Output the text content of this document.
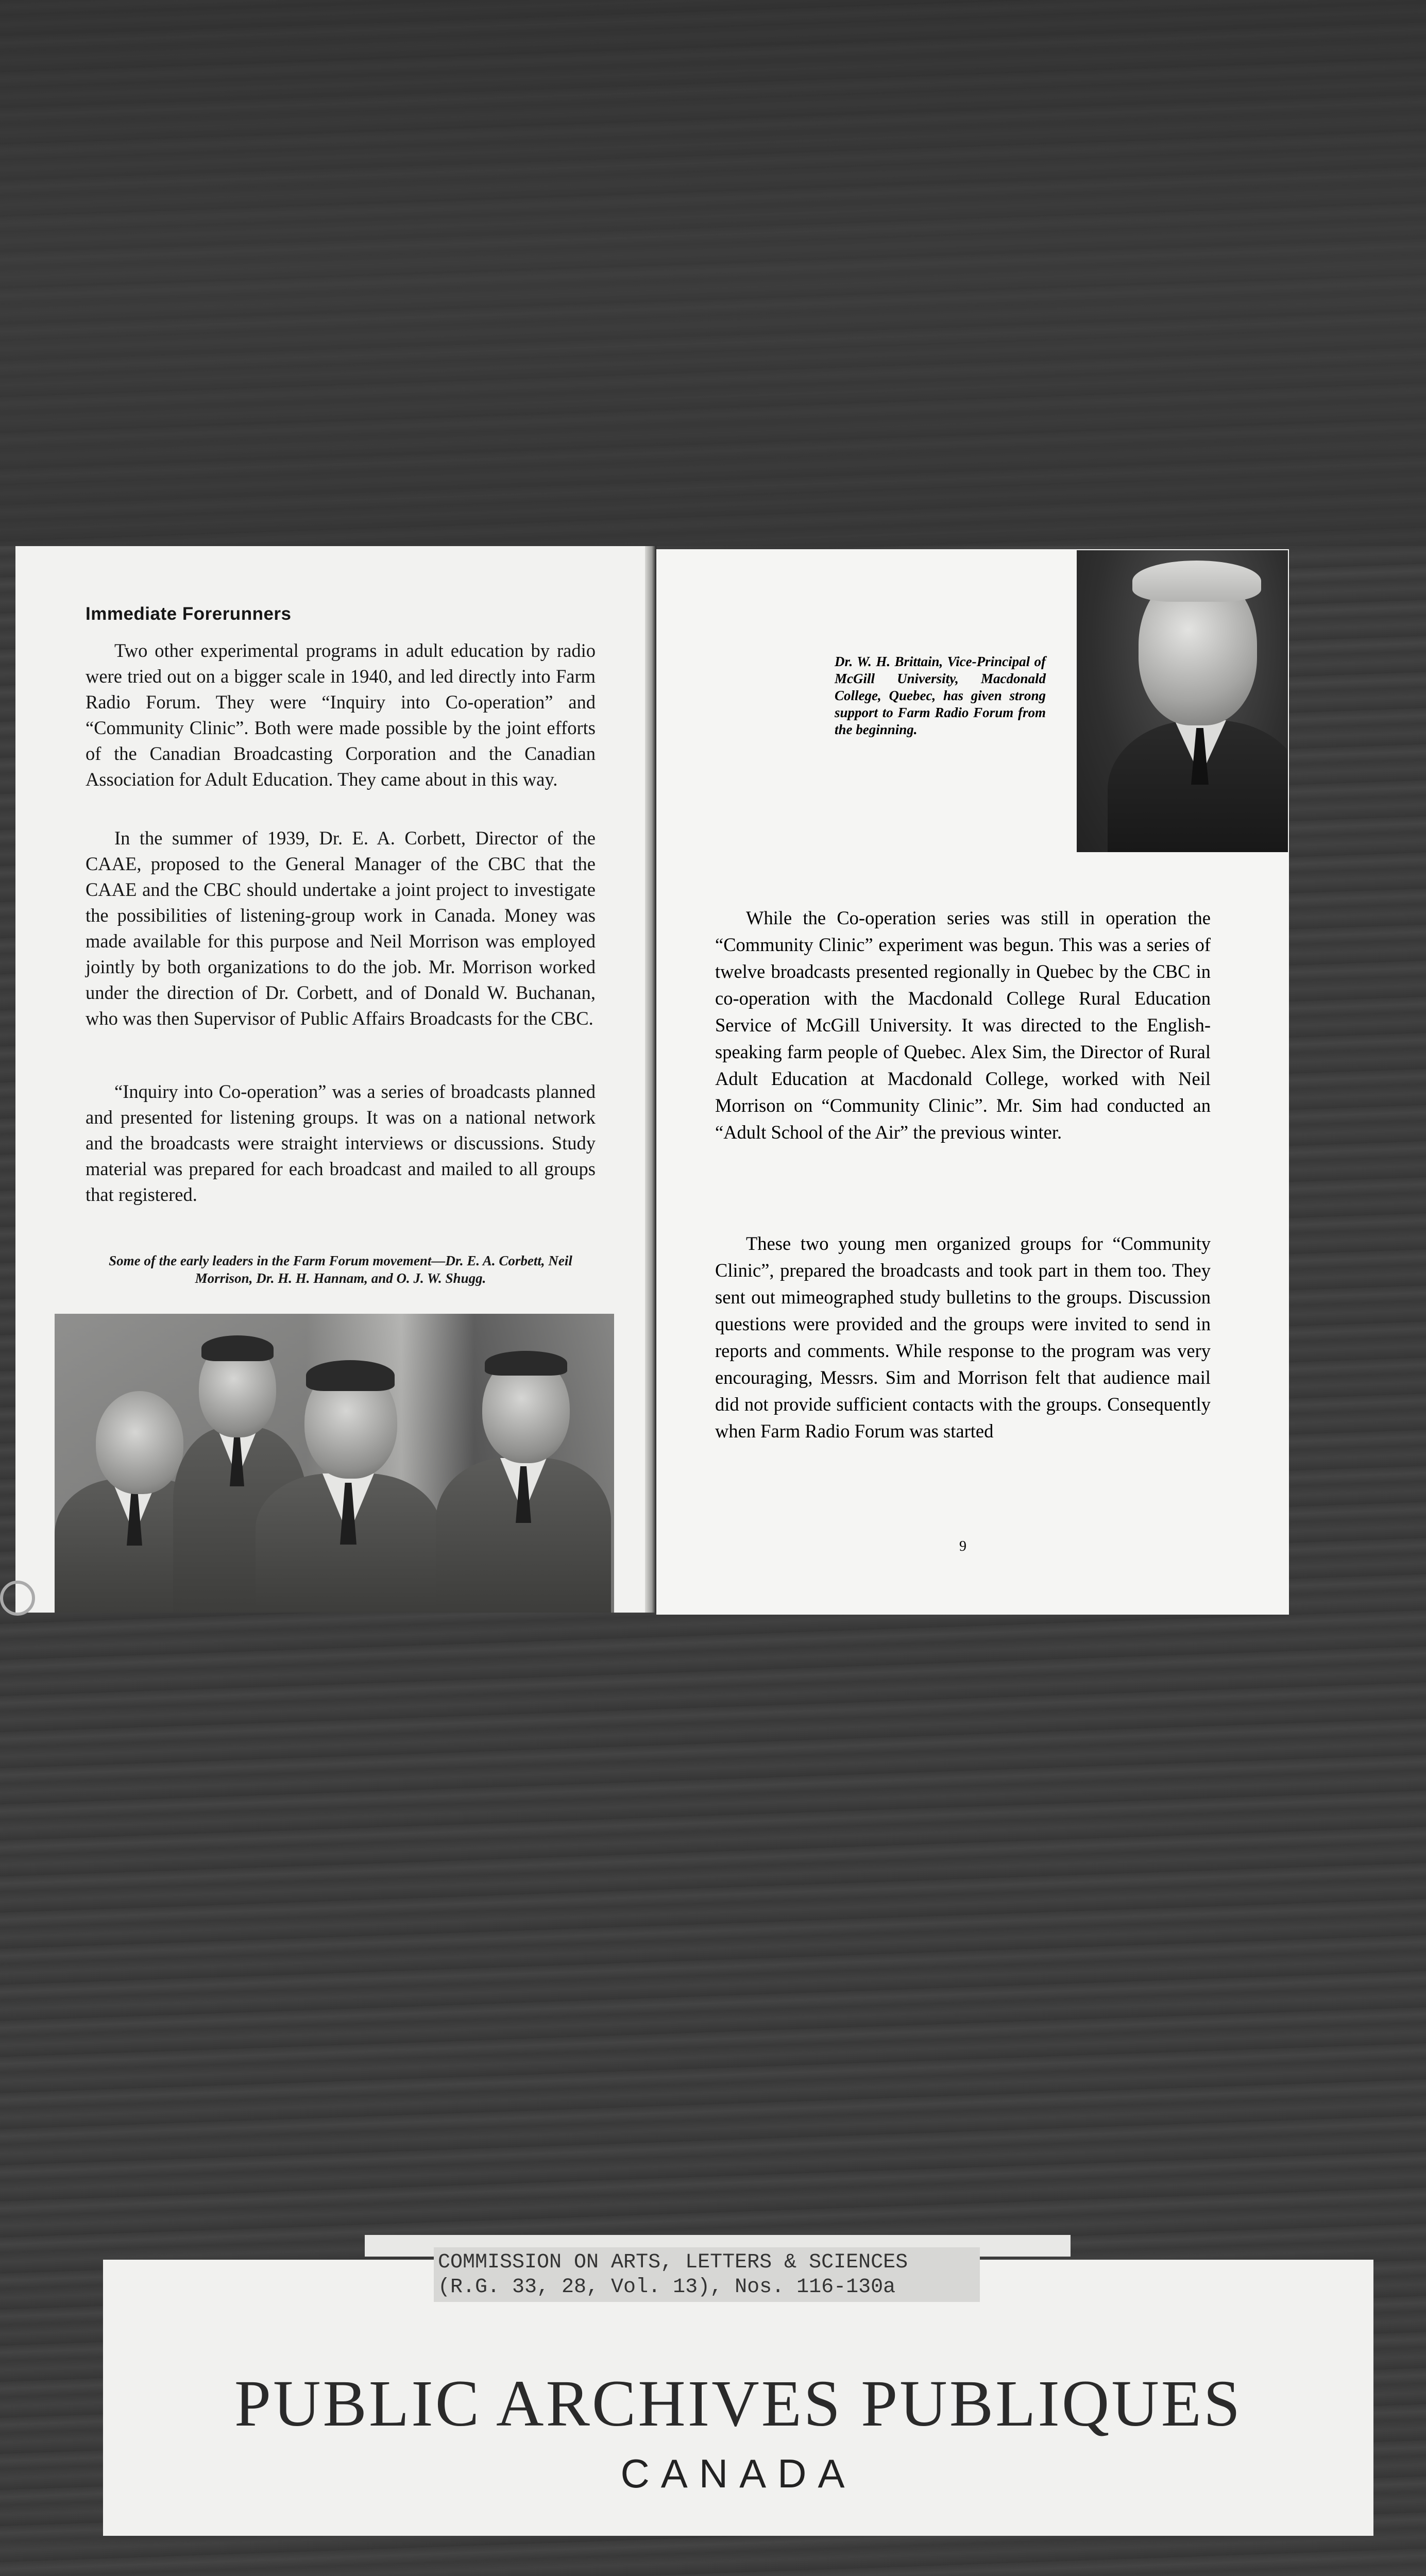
Immediate Forerunners

Two other experimental programs in adult education by radio were tried out on a bigger scale in 1940, and led directly into Farm Radio Forum. They were “Inquiry into Co-operation” and “Community Clinic”. Both were made possible by the joint efforts of the Canadian Broadcasting Corporation and the Canadian Association for Adult Education. They came about in this way.

In the summer of 1939, Dr. E. A. Corbett, Director of the CAAE, proposed to the General Manager of the CBC that the CAAE and the CBC should undertake a joint project to investigate the possibilities of listening-group work in Canada. Money was made available for this purpose and Neil Morrison was employed jointly by both organizations to do the job. Mr. Morrison worked under the direction of Dr. Corbett, and of Donald W. Buchanan, who was then Supervisor of Public Affairs Broadcasts for the CBC.

“Inquiry into Co-operation” was a series of broadcasts planned and presented for listening groups. It was on a national network and the broadcasts were straight interviews or discussions. Study material was prepared for each broadcast and mailed to all groups that registered.

Some of the early leaders in the Farm Forum movement—Dr. E. A. Corbett, Neil Morrison, Dr. H. H. Hannam, and O. J. W. Shugg.

Dr. W. H. Brittain, Vice-Principal of McGill University, Macdonald College, Quebec, has given strong support to Farm Radio Forum from the beginning.

While the Co-operation series was still in operation the “Community Clinic” experiment was begun. This was a series of twelve broadcasts presented regionally in Quebec by the CBC in co-operation with the Macdonald College Rural Education Service of McGill University. It was directed to the English-speaking farm people of Quebec. Alex Sim, the Director of Rural Adult Education at Macdonald College, worked with Neil Morrison on “Community Clinic”. Mr. Sim had conducted an “Adult School of the Air” the previous winter.

These two young men organized groups for “Community Clinic”, prepared the broadcasts and took part in them too. They sent out mimeographed study bulletins to the groups. Discussion questions were provided and the groups were invited to send in reports and comments. While response to the program was very encouraging, Messrs. Sim and Morrison felt that audience mail did not provide sufficient contacts with the groups. Consequently when Farm Radio Forum was started

9
PUBLIC ARCHIVES PUBLIQUES
CANADA
COMMISSION ON ARTS, LETTERS & SCIENCES
(R.G. 33, 28, Vol. 13), Nos. 116-130a
